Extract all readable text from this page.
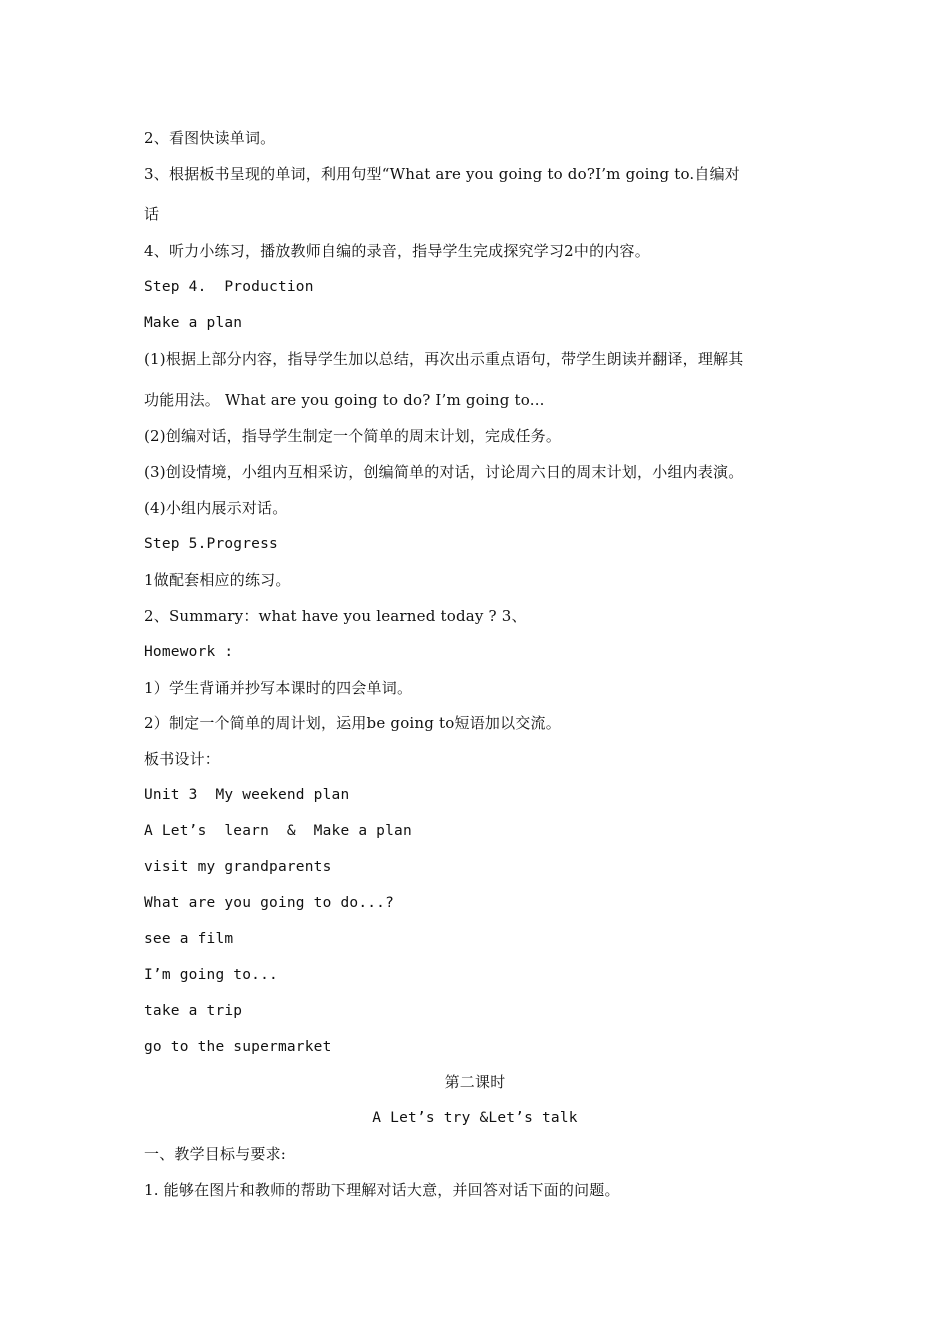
2、看图快读单词。
3、根据板书呈现的单词，利用句型“What are you going to do?I’m going to.自编对
话
4、听力小练习，播放教师自编的录音，指导学生完成探究学习2中的内容。
Step 4.  Production
Make a plan
(1)根据上部分内容，指导学生加以总结，再次出示重点语句，带学生朗读并翻译，理解其
功能用法。 What are you going to do? I’m going to...
(2)创编对话，指导学生制定一个简单的周末计划，完成任务。
(3)创设情境，小组内互相采访，创编简单的对话，讨论周六日的周末计划，小组内表演。
(4)小组内展示对话。
Step 5.Progress
1做配套相应的练习。
2、Summary：what have you learned today ? 3、
Homework :
1）学生背诵并抄写本课时的四会单词。
2）制定一个简单的周计划，运用be going to短语加以交流。
板书设计：
Unit 3  My weekend plan
A Let’s  learn  &  Make a plan
visit my grandparents
What are you going to do...?
see a film
I’m going to...
take a trip
go to the supermarket
第二课时
A Let’s try &Let’s talk
一、教学目标与要求:
1. 能够在图片和教师的帮助下理解对话大意，并回答对话下面的问题。
